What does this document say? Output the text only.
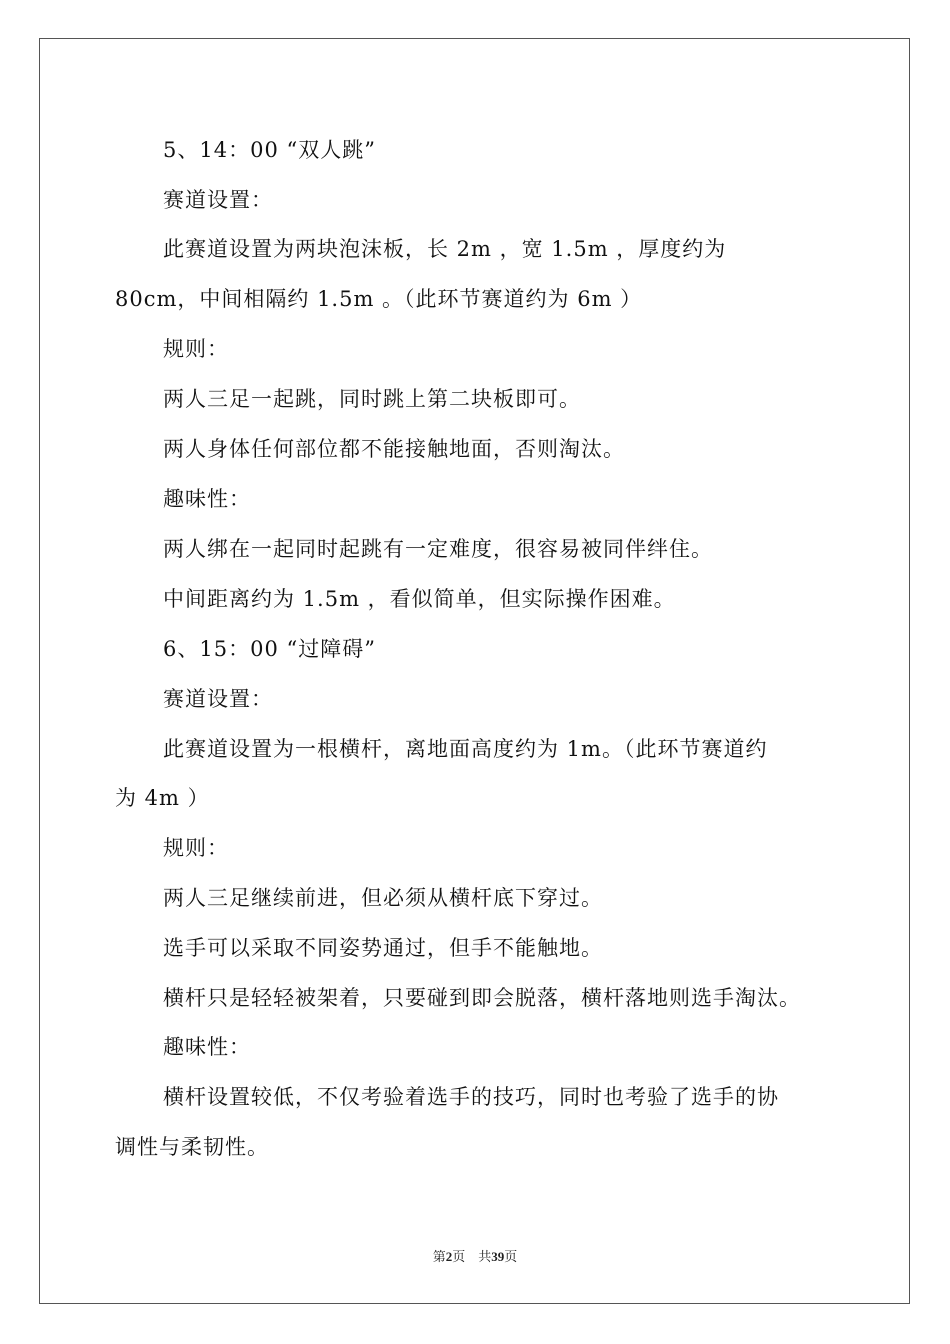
5、14：00 “双人跳”
赛道设置：
此赛道设置为两块泡沫板，长 2m ，宽 1.5m ，厚度约为
80cm，中间相隔约 1.5m 。（此环节赛道约为 6m ）
规则：
两人三足一起跳，同时跳上第二块板即可。
两人身体任何部位都不能接触地面，否则淘汰。
趣味性：
两人绑在一起同时起跳有一定难度，很容易被同伴绊住。
中间距离约为 1.5m ，看似简单，但实际操作困难。
6、15：00 “过障碍”
赛道设置：
此赛道设置为一根横杆，离地面高度约为 1m。（此环节赛道约
为 4m ）
规则：
两人三足继续前进，但必须从横杆底下穿过。
选手可以采取不同姿势通过，但手不能触地。
横杆只是轻轻被架着，只要碰到即会脱落，横杆落地则选手淘汰。
趣味性：
横杆设置较低，不仅考验着选手的技巧，同时也考验了选手的协
调性与柔韧性。
第2页　共39页
